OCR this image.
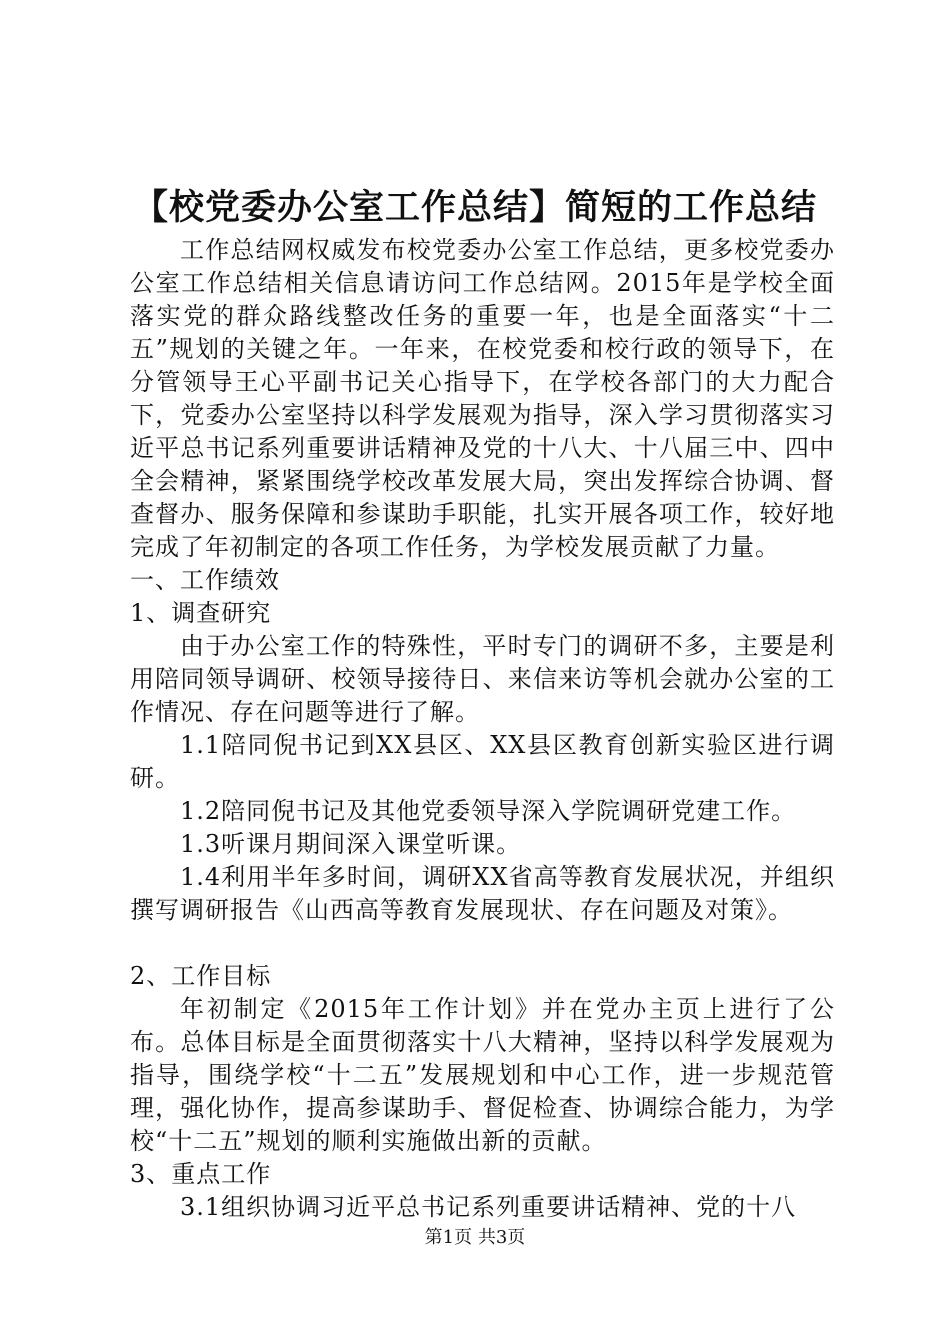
【校党委办公室工作总结】简短的工作总结

工作总结网权威发布校党委办公室工作总结，更多校党委办公室工作总结相关信息请访问工作总结网。2015年是学校全面落实党的群众路线整改任务的重要一年，也是全面落实“十二五”规划的关键之年。一年来，在校党委和校行政的领导下，在分管领导王心平副书记关心指导下，在学校各部门的大力配合下，党委办公室坚持以科学发展观为指导，深入学习贯彻落实习近平总书记系列重要讲话精神及党的十八大、十八届三中、四中全会精神，紧紧围绕学校改革发展大局，突出发挥综合协调、督查督办、服务保障和参谋助手职能，扎实开展各项工作，较好地完成了年初制定的各项工作任务，为学校发展贡献了力量。

一、工作绩效

1、调查研究

由于办公室工作的特殊性，平时专门的调研不多，主要是利用陪同领导调研、校领导接待日、来信来访等机会就办公室的工作情况、存在问题等进行了解。

1.1陪同倪书记到XX县区、XX县区教育创新实验区进行调研。

1.2陪同倪书记及其他党委领导深入学院调研党建工作。

1.3听课月期间深入课堂听课。

1.4利用半年多时间，调研XX省高等教育发展状况，并组织撰写调研报告《山西高等教育发展现状、存在问题及对策》。

2、工作目标

年初制定《2015年工作计划》并在党办主页上进行了公布。总体目标是全面贯彻落实十八大精神，坚持以科学发展观为指导，围绕学校“十二五”发展规划和中心工作，进一步规范管理，强化协作，提高参谋助手、督促检查、协调综合能力，为学校“十二五”规划的顺利实施做出新的贡献。

3、重点工作

3.1组织协调习近平总书记系列重要讲话精神、党的十八

第1页 共3页
